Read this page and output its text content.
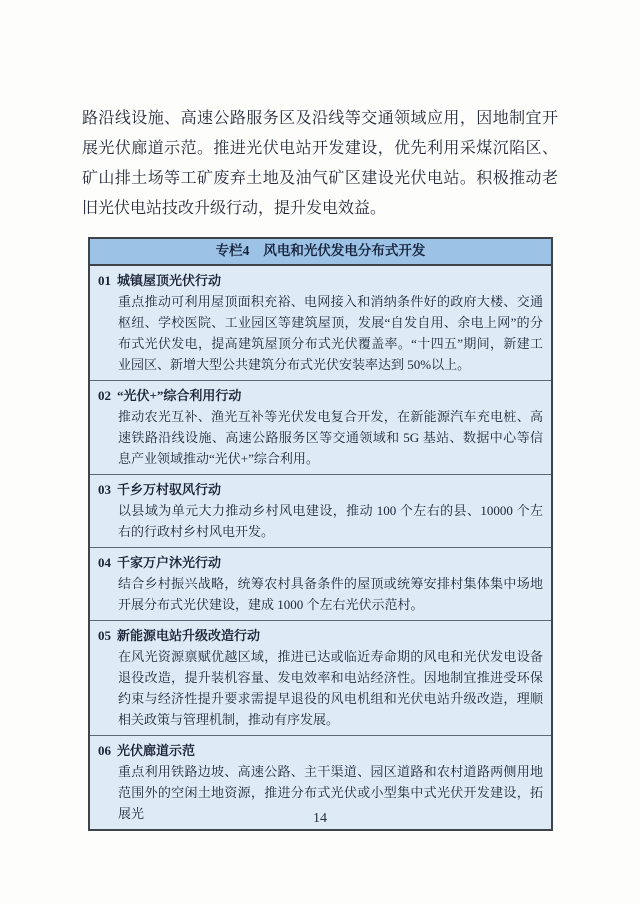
路沿线设施、高速公路服务区及沿线等交通领域应用，因地制宜开展光伏廊道示范。推进光伏电站开发建设，优先利用采煤沉陷区、矿山排土场等工矿废弃土地及油气矿区建设光伏电站。积极推动老旧光伏电站技改升级行动，提升发电效益。

专栏4 风电和光伏发电分布式开发
01 城镇屋顶光伏行动
重点推动可利用屋顶面积充裕、电网接入和消纳条件好的政府大楼、交通枢纽、学校医院、工业园区等建筑屋顶，发展“自发自用、余电上网”的分布式光伏发电，提高建筑屋顶分布式光伏覆盖率。“十四五”期间，新建工业园区、新增大型公共建筑分布式光伏安装率达到 50%以上。
02 “光伏+”综合利用行动
推动农光互补、渔光互补等光伏发电复合开发，在新能源汽车充电桩、高速铁路沿线设施、高速公路服务区等交通领域和 5G 基站、数据中心等信息产业领域推动“光伏+”综合利用。
03 千乡万村驭风行动
以县域为单元大力推动乡村风电建设，推动 100 个左右的县、10000 个左右的行政村乡村风电开发。
04 千家万户沐光行动
结合乡村振兴战略，统筹农村具备条件的屋顶或统筹安排村集体集中场地开展分布式光伏建设，建成 1000 个左右光伏示范村。
05 新能源电站升级改造行动
在风光资源禀赋优越区域，推进已达或临近寿命期的风电和光伏发电设备退役改造，提升装机容量、发电效率和电站经济性。因地制宜推进受环保约束与经济性提升要求需提早退役的风电机组和光伏电站升级改造，理顺相关政策与管理机制，推动有序发展。
06 光伏廊道示范
重点利用铁路边坡、高速公路、主干渠道、园区道路和农村道路两侧用地范围外的空闲土地资源，推进分布式光伏或小型集中式光伏开发建设，拓展光	14
